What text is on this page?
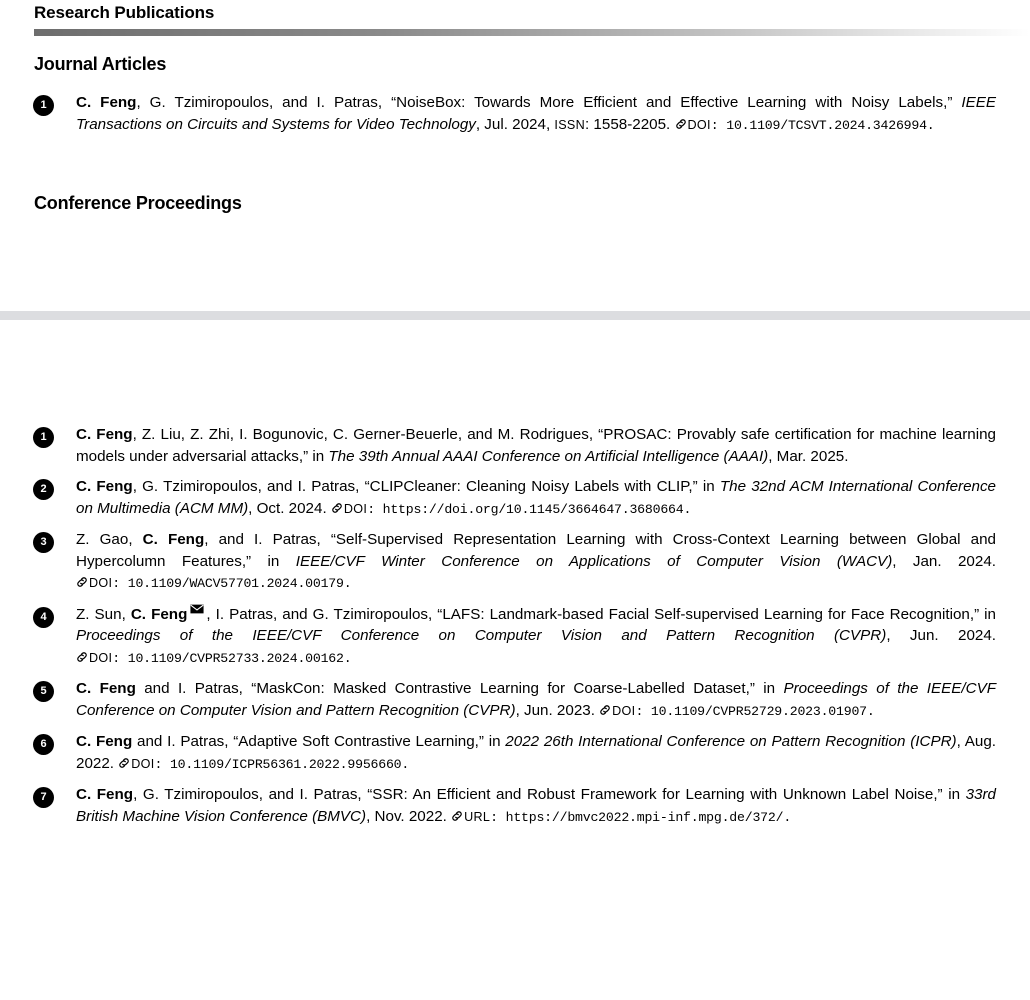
Research Publications
Journal Articles
1	C. Feng, G. Tzimiropoulos, and I. Patras, “NoiseBox: Towards More Efficient and Effective Learning with Noisy Labels,” IEEE Transactions on Circuits and Systems for Video Technology, Jul. 2024, ISSN: 1558-2205.
DOI: 10.1109/TCSVT.2024.3426994.
Conference Proceedings
1	C. Feng, Z. Liu, Z. Zhi, I. Bogunovic, C. Gerner-Beuerle, and M. Rodrigues, “PROSAC: Provably safe certification for machine learning models under adversarial attacks,” in The 39th Annual AAAI Conference on Artificial Intelligence (AAAI), Mar. 2025.
2	C. Feng, G. Tzimiropoulos, and I. Patras, “CLIPCleaner: Cleaning Noisy Labels with CLIP,” in The 32nd ACM International Conference on Multimedia (ACM MM), Oct. 2024.
DOI: https://doi.org/10.1145/3664647.3680664.
3	Z. Gao, C. Feng, and I. Patras, “Self-Supervised Representation Learning with Cross-Context Learning between Global and Hypercolumn Features,” in IEEE/CVF Winter Conference on Applications of Computer Vision (WACV), Jan. 2024.
DOI: 10.1109/WACV57701.2024.00179.
4	Z. Sun, C. Feng , I. Patras, and G. Tzimiropoulos, “LAFS: Landmark-based Facial Self-supervised Learning for Face Recognition,” in Proceedings of the IEEE/CVF Conference on Computer Vision and Pattern Recognition (CVPR), Jun. 2024.
DOI: 10.1109/CVPR52733.2024.00162.
5	C. Feng and I. Patras, “MaskCon: Masked Contrastive Learning for Coarse-Labelled Dataset,” in Proceedings of the IEEE/CVF Conference on Computer Vision and Pattern Recognition (CVPR), Jun. 2023.
DOI: 10.1109/CVPR52729.2023.01907.
6	C. Feng and I. Patras, “Adaptive Soft Contrastive Learning,” in 2022 26th International Conference on Pattern Recognition (ICPR), Aug. 2022.
DOI: 10.1109/ICPR56361.2022.9956660.
7	C. Feng, G. Tzimiropoulos, and I. Patras, “SSR: An Efficient and Robust Framework for Learning with Unknown Label Noise,” in 33rd British Machine Vision Conference (BMVC), Nov. 2022.
URL: https://bmvc2022.mpi-inf.mpg.de/372/.
